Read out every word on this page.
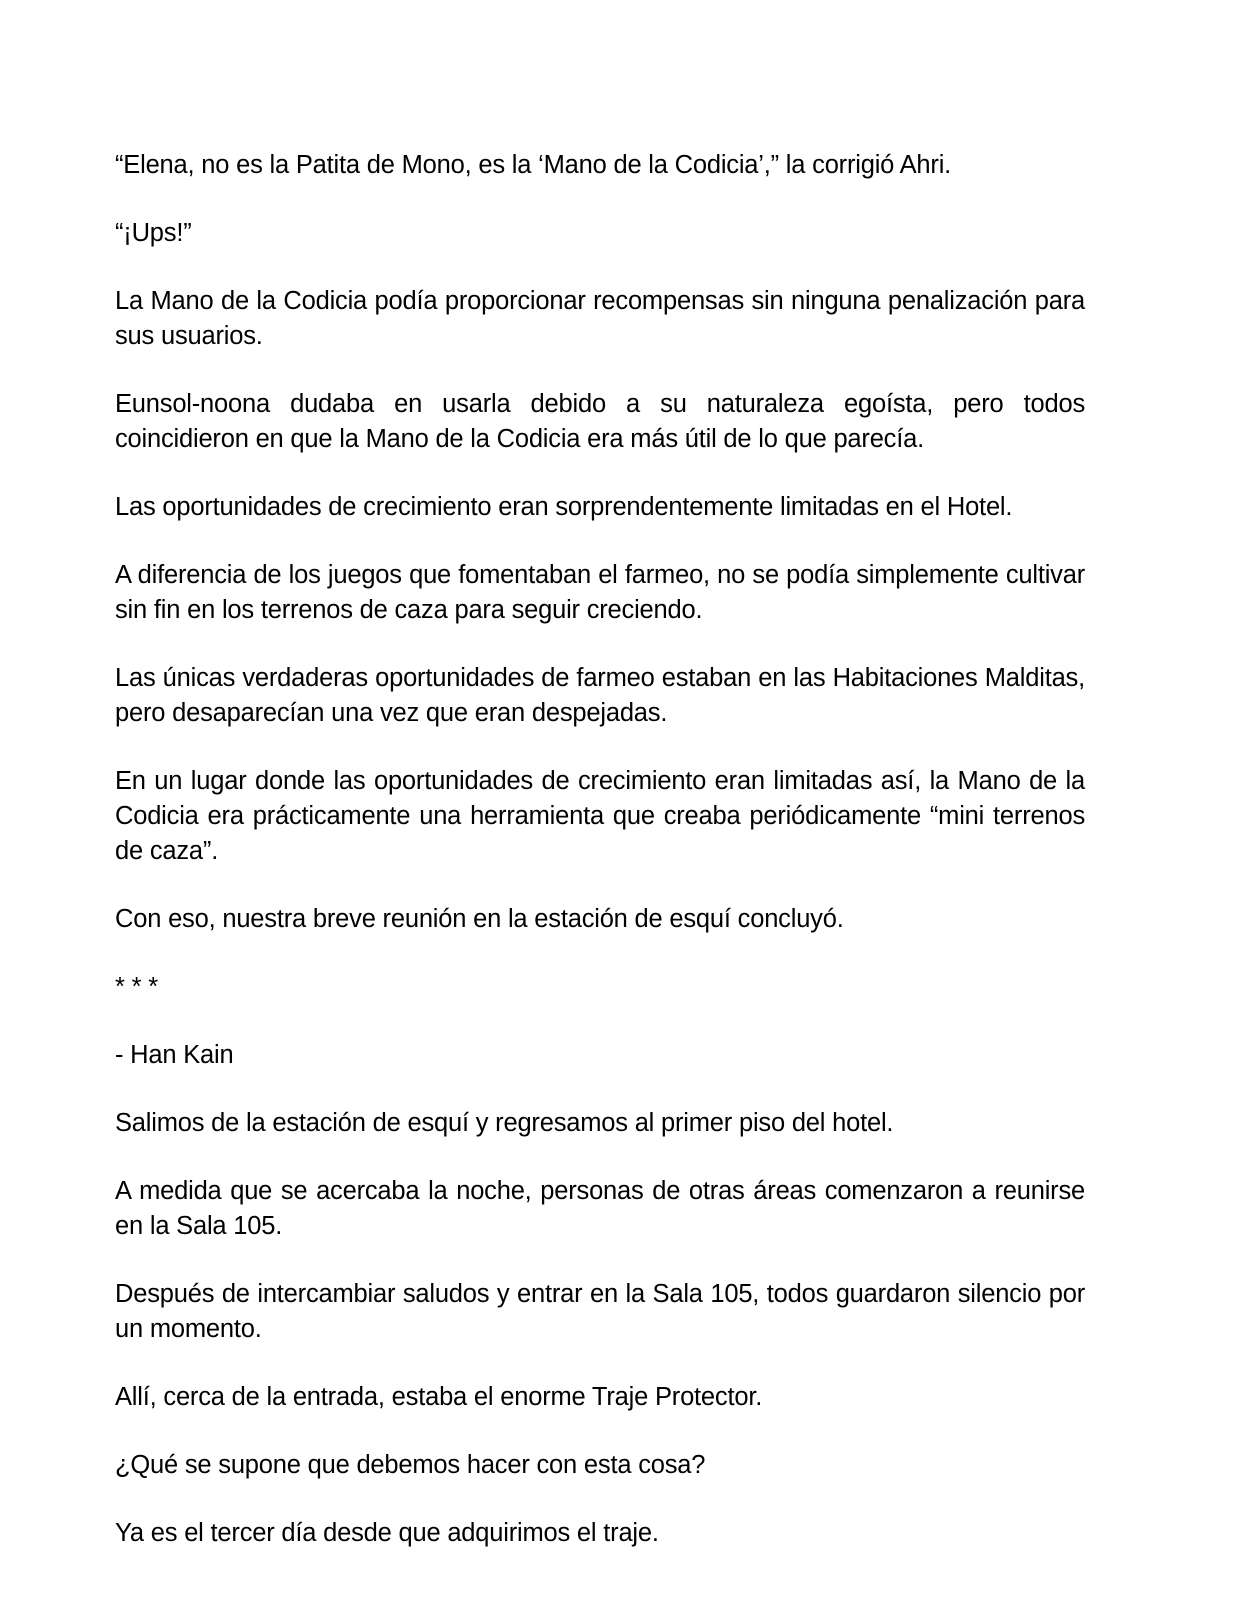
“Elena, no es la Patita de Mono, es la ‘Mano de la Codicia’,” la corrigió Ahri.

“¡Ups!”

La Mano de la Codicia podía proporcionar recompensas sin ninguna penalización para sus usuarios.

Eunsol-noona dudaba en usarla debido a su naturaleza egoísta, pero todos coincidieron en que la Mano de la Codicia era más útil de lo que parecía.

Las oportunidades de crecimiento eran sorprendentemente limitadas en el Hotel.

A diferencia de los juegos que fomentaban el farmeo, no se podía simplemente cultivar sin fin en los terrenos de caza para seguir creciendo.

Las únicas verdaderas oportunidades de farmeo estaban en las Habitaciones Malditas, pero desaparecían una vez que eran despejadas.

En un lugar donde las oportunidades de crecimiento eran limitadas así, la Mano de la Codicia era prácticamente una herramienta que creaba periódicamente “mini terrenos de caza”.

Con eso, nuestra breve reunión en la estación de esquí concluyó.

* * *

- Han Kain

Salimos de la estación de esquí y regresamos al primer piso del hotel.

A medida que se acercaba la noche, personas de otras áreas comenzaron a reunirse en la Sala 105.

Después de intercambiar saludos y entrar en la Sala 105, todos guardaron silencio por un momento.

Allí, cerca de la entrada, estaba el enorme Traje Protector.

¿Qué se supone que debemos hacer con esta cosa?

Ya es el tercer día desde que adquirimos el traje.
